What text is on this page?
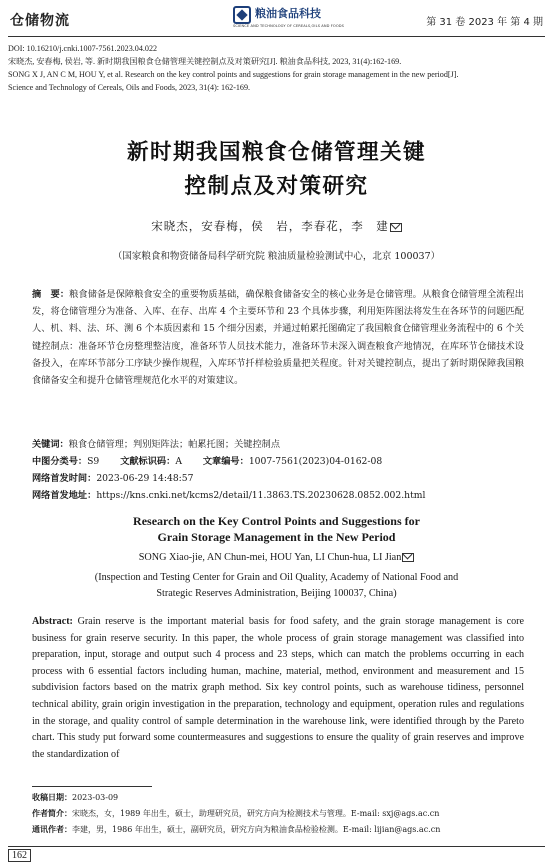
仓储物流	粮油食品科技
SCIENCE AND TECHNOLOGY OF CEREALS,OILS AND FOODS	第 31 卷 2023 年 第 4 期
DOI: 10.16210/j.cnki.1007-7561.2023.04.022
宋晓杰, 安春梅, 侯岩, 等. 新时期我国粮食仓储管理关键控制点及对策研究[J]. 粮油食品科技, 2023, 31(4):162-169.
SONG X J, AN C M, HOU Y, et al. Research on the key control points and suggestions for grain storage management in the new period[J].
Science and Technology of Cereals, Oils and Foods, 2023, 31(4): 162-169.
新时期我国粮食仓储管理关键
控制点及对策研究
宋晓杰，安春梅，侯　岩，李春花，李　建
（国家粮食和物资储备局科学研究院 粮油质量检验测试中心，北京 100037）
摘　要：粮食储备是保障粮食安全的重要物质基础，确保粮食储备安全的核心业务是仓储管理。从粮食仓储管理全流程出发，将仓储管理分为准备、入库、在存、出库 4 个主要环节和 23 个具体步骤，利用矩阵图法将发生在各环节的问题匹配人、机、料、法、环、测 6 个本质因素和 15 个细分因素，并通过帕累托图确定了我国粮食仓储管理业务流程中的 6 个关键控制点：准备环节仓房整理整洁度，准备环节人员技术能力，准备环节未深入调查粮食产地情况，在库环节仓储技术设备投入，在库环节部分工序缺少操作规程，入库环节扦样检验质量把关程度。针对关键控制点，提出了新时期保障我国粮食储备安全和提升仓储管理规范化水平的对策建议。
关键词：粮食仓储管理；判别矩阵法；帕累托图；关键控制点
中图分类号：S9 文献标识码：A 文章编号：1007-7561(2023)04-0162-08
网络首发时间：2023-06-29 14:48:57
网络首发地址：https://kns.cnki.net/kcms2/detail/11.3863.TS.20230628.0852.002.html
Research on the Key Control Points and Suggestions for
Grain Storage Management in the New Period
SONG Xiao-jie, AN Chun-mei, HOU Yan, LI Chun-hua, LI Jian
(Inspection and Testing Center for Grain and Oil Quality, Academy of National Food and
Strategic Reserves Administration, Beijing 100037, China)
Abstract: Grain reserve is the important material basis for food safety, and the grain storage management is core business for grain reserve security. In this paper, the whole process of grain storage management was classified into preparation, input, storage and output such 4 process and 23 steps, which can match the problems occurring in each process with 6 essential factors including human, machine, material, method, environment and measurement and 15 subdivision factors based on the matrix graph method. Six key control points, such as warehouse tidiness, personnel technical ability, grain origin investigation in the preparation, technology and equipment, operation rules and regulations in the storage, and quality control of sample determination in the warehouse link, were identified through by the Pareto chart. This study put forward some countermeasures and suggestions to ensure the quality of grain reserves and improve the standardization of
收稿日期：2023-03-09
作者简介：宋晓杰，女，1989 年出生，硕士，助理研究员，研究方向为检测技术与管理。E-mail: sxj@ags.ac.cn
通讯作者：李建，男，1986 年出生，硕士，副研究员，研究方向为粮油食品检验检测。E-mail: lijian@ags.ac.cn
162
